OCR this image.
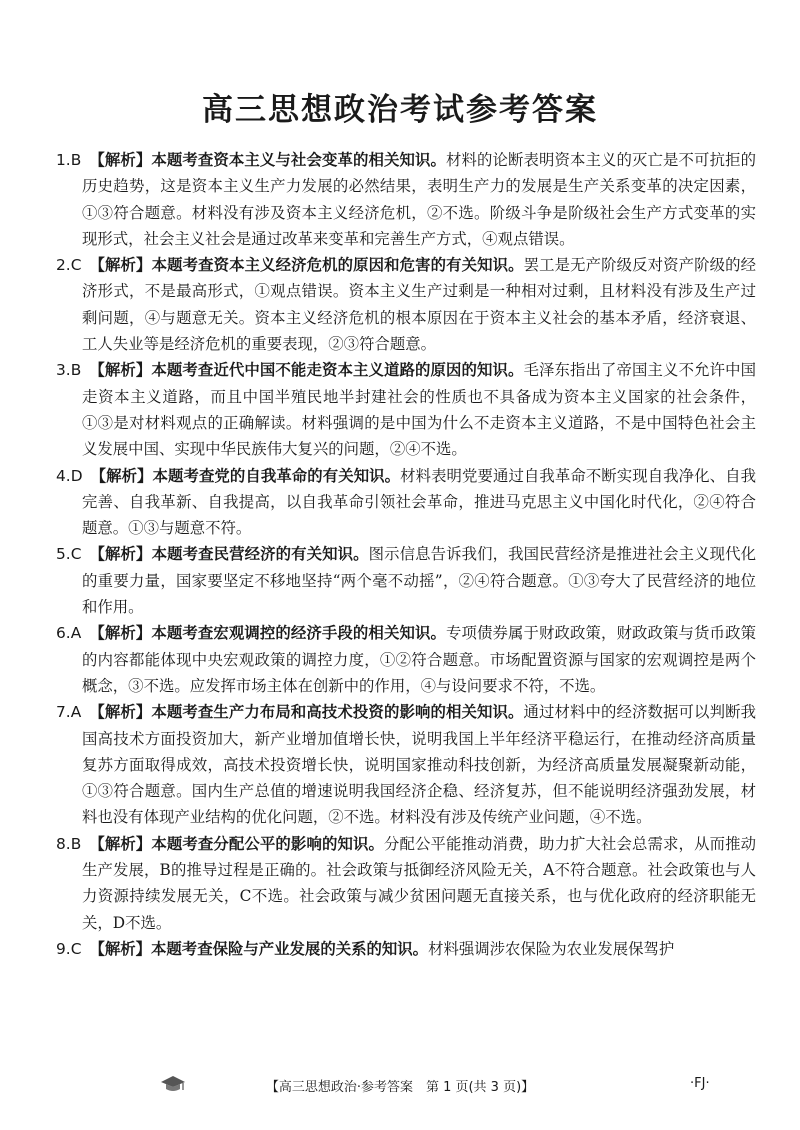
高三思想政治考试参考答案

1.B 【解析】本题考查资本主义与社会变革的相关知识。材料的论断表明资本主义的灭亡是不可抗拒的历史趋势，这是资本主义生产力发展的必然结果，表明生产力的发展是生产关系变革的决定因素，①③符合题意。材料没有涉及资本主义经济危机，②不选。阶级斗争是阶级社会生产方式变革的实现形式，社会主义社会是通过改革来变革和完善生产方式，④观点错误。

2.C 【解析】本题考查资本主义经济危机的原因和危害的有关知识。罢工是无产阶级反对资产阶级的经济形式，不是最高形式，①观点错误。资本主义生产过剩是一种相对过剩，且材料没有涉及生产过剩问题，④与题意无关。资本主义经济危机的根本原因在于资本主义社会的基本矛盾，经济衰退、工人失业等是经济危机的重要表现，②③符合题意。

3.B 【解析】本题考查近代中国不能走资本主义道路的原因的知识。毛泽东指出了帝国主义不允许中国走资本主义道路，而且中国半殖民地半封建社会的性质也不具备成为资本主义国家的社会条件，①③是对材料观点的正确解读。材料强调的是中国为什么不走资本主义道路，不是中国特色社会主义发展中国、实现中华民族伟大复兴的问题，②④不选。

4.D 【解析】本题考查党的自我革命的有关知识。材料表明党要通过自我革命不断实现自我净化、自我完善、自我革新、自我提高，以自我革命引领社会革命，推进马克思主义中国化时代化，②④符合题意。①③与题意不符。

5.C 【解析】本题考查民营经济的有关知识。图示信息告诉我们，我国民营经济是推进社会主义现代化的重要力量，国家要坚定不移地坚持“两个毫不动摇”，②④符合题意。①③夸大了民营经济的地位和作用。

6.A 【解析】本题考查宏观调控的经济手段的相关知识。专项债券属于财政政策，财政政策与货币政策的内容都能体现中央宏观政策的调控力度，①②符合题意。市场配置资源与国家的宏观调控是两个概念，③不选。应发挥市场主体在创新中的作用，④与设问要求不符，不选。

7.A 【解析】本题考查生产力布局和高技术投资的影响的相关知识。通过材料中的经济数据可以判断我国高技术方面投资加大，新产业增加值增长快，说明我国上半年经济平稳运行，在推动经济高质量复苏方面取得成效，高技术投资增长快，说明国家推动科技创新，为经济高质量发展凝聚新动能，①③符合题意。国内生产总值的增速说明我国经济企稳、经济复苏，但不能说明经济强劲发展，材料也没有体现产业结构的优化问题，②不选。材料没有涉及传统产业问题，④不选。

8.B 【解析】本题考查分配公平的影响的知识。分配公平能推动消费，助力扩大社会总需求，从而推动生产发展，B的推导过程是正确的。社会政策与抵御经济风险无关，A不符合题意。社会政策也与人力资源持续发展无关，C不选。社会政策与减少贫困问题无直接关系，也与优化政府的经济职能无关，D不选。

9.C 【解析】本题考查保险与产业发展的关系的知识。材料强调涉农保险为农业发展保驾护

【高三思想政治·参考答案　第 1 页(共 3 页)】	·FJ·
